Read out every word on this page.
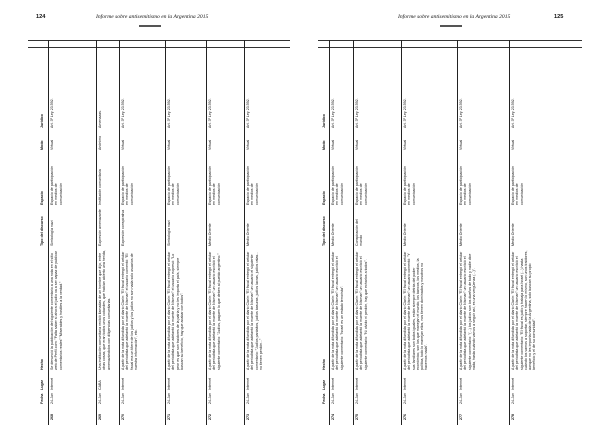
124	Informe sobre antisemitismo en la Argentina 2015
Fecha
Lugar
Hecho
Tipo del discurso
Espacio
Modo
Jurídico
268
24-Jun
Internet
Se denunció la publicación del siguiente comentario a una nota en el sitio web de Perfil.com: "Falta saber si ahora el judio va a ser capaz de publicar comentarios reales" "Miserables y hostiles a la verdad."
Simbología nazi
Espacio de participación en medios de comunicación
Virtual
Art. 3º Ley 23.592.
269
24-Jun
CABA
Una institución comunitaria recibió llamadas de un hombre que dijo, entre otras cosas, que eran todos unos cobardes, que habían abierto una herida, amenazándolos con diligencias comunitarias.
Expresión amenazante
Institución comunitaria
Anónimo
Amenazas.
270
24-Jun
Internet
A partir de la nota difundida por el diario Clarín: "El fiscal entregó el celular del periodista que adelantó la muerte de Nisman" el usuario comentó: "El fiscal era un títere de los judíos y los judíos no son nada solo usuarios de nuestra información", etc.
Expresión conspirativa
Espacio de participación en medios de comunicación
Virtual
Art. 3º Ley 23.592.
271
24-Jun
Internet
A partir de la nota difundida por el diario Clarín: "El fiscal entregó el celular del periodista que adelantó la muerte de Nisman" el usuario expresó: "Lo peor es que son traidores de la patria y no les importa el país, siempre buscan su beneficio, hay que acabar con todos".
Simbología nazi
Espacio de participación en medios de comunicación
Virtual
Art. 3º Ley 23.592.
272
24-Jun
Internet
A partir de la nota difundida por el diario Clarín: "El fiscal entregó el celular del periodista que adelantó la muerte de Nisman" un usuario escribió el siguiente comentario: "Judíos, paguen lo que deben al pueblo argentino."
Medio Oriente
Espacio de participación en medios de comunicación
Virtual
Art. 3º Ley 23.592.
273
24-Jun
Internet
A partir de la nota difundida por el diario Clarín: "El fiscal entregó el celular del periodista que adelantó la muerte de Nisman" un usuario el siguiente comentario: "Judíos parásitos, judíos basuras, judíos lacras, judíos ratas... no tienen perdón..."
Medio Oriente
Espacio de participación en medios de comunicación
Virtual
Art. 3º Ley 23.592.
Informe sobre antisemitismo en la Argentina 2015	125
Fecha
Lugar
Hecho
Tipo del discurso
Espacio
Modo
Jurídico
274
24-Jun
Internet
A partir de la nota difundida por el diario Clarín: "El fiscal entregó el celular del periodista que adelantó la muerte de Nisman" un usuario escribió el siguiente comentario: "Israel es un estado terrorista".
Medio Oriente
Espacio de participación en medios de comunicación
Virtual
Art. 3º Ley 23.592.
275
24-Jun
Internet
A partir de la nota difundida por el diario Clarín: "El fiscal entregó el celular del periodista que adelantó la muerte de Nisman" un usuario escribió el siguiente comentario: "Ni olvido ni perdón, hay que echarlos a todos".
Conspiración del mundo
Espacio de participación en medios de comunicación
Virtual
Art. 3º Ley 23.592.
276
24-Jun
Internet
A partir de la nota difundida por el diario Clarín: "El fiscal entregó el celular del periodista que adelantó la muerte de Nisman" un usuario comentó: "Y sus familiares son todos iguales, están siempre detrás del poder económico, son los que manejan el mundo, los bancos, los medios, la política, todo lo manejan ellos, nos tienen dominados y nosotros no hacemos nada".
Medio Oriente
Espacio de participación en medios de comunicación
Virtual
Art. 3º Ley 23.592.
277
24-Jun
Internet
A partir de la nota difundida por el diario Clarín: "El fiscal entregó el celular del periodista que adelantó la muerte de Nisman" un usuario escribió el siguiente comentario: "(...) los judíos son los dueños de todo y nadie dice nada, hasta cuándo vamos a seguir así, es una vergüenza (...)".
Medio Oriente
Espacio de participación en medios de comunicación
Virtual
Art. 3º Ley 23.592.
278
24-Jun
Internet
A partir de la nota difundida por el diario Clarín: "El fiscal entregó el celular del periodista que adelantó la muerte de Nisman" un usuario escribió el siguiente comentario: "El fiscal es judío y trabaja para Israel (...) hasta cuándo los vamos a soportar, siempre hacen lo mismo, son unos traidores, aunque no les importa nada de la Argentina, solo buscan su propio beneficio y el de su comunidad".
Medio Oriente
Espacio de participación en medios de comunicación
Virtual
Art. 3º Ley 23.592.
